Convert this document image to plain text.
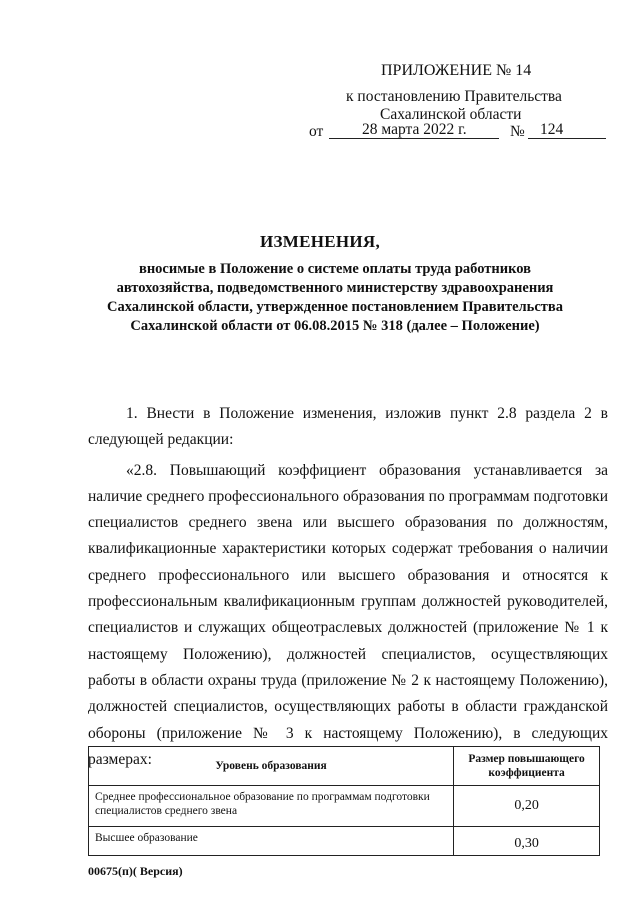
ПРИЛОЖЕНИЕ № 14
к постановлению Правительства
Сахалинской области
от 28 марта 2022 г.	№ 124
ИЗМЕНЕНИЯ,
вносимые в Положение о системе оплаты труда работников
автохозяйства, подведомственного министерству здравоохранения
Сахалинской области, утвержденное постановлением Правительства
Сахалинской области от 06.08.2015 № 318 (далее – Положение)

1. Внести в Положение изменения, изложив пункт 2.8 раздела 2 в следующей редакции:

«2.8. Повышающий коэффициент образования устанавливается за наличие среднего профессионального образования по программам подготовки специалистов среднего звена или высшего образования по должностям, квалификационные характеристики которых содержат требования о наличии среднего профессионального или высшего образования и относятся к профессиональным квалификационным группам должностей руководителей, специалистов и служащих общеотраслевых должностей (приложение № 1 к настоящему Положению), должностей специалистов, осуществляющих работы в области охраны труда (приложение № 2 к настоящему Положению), должностей специалистов, осуществляющих работы в области гражданской обороны (приложение № 3 к настоящему Положению), в следующих размерах:	Уровень образования	Размер повышающего коэффициента
Среднее профессиональное образование по программам подготовки специалистов среднего звена	0,20
Высшее образование	0,30
00675(п)( Версия)
